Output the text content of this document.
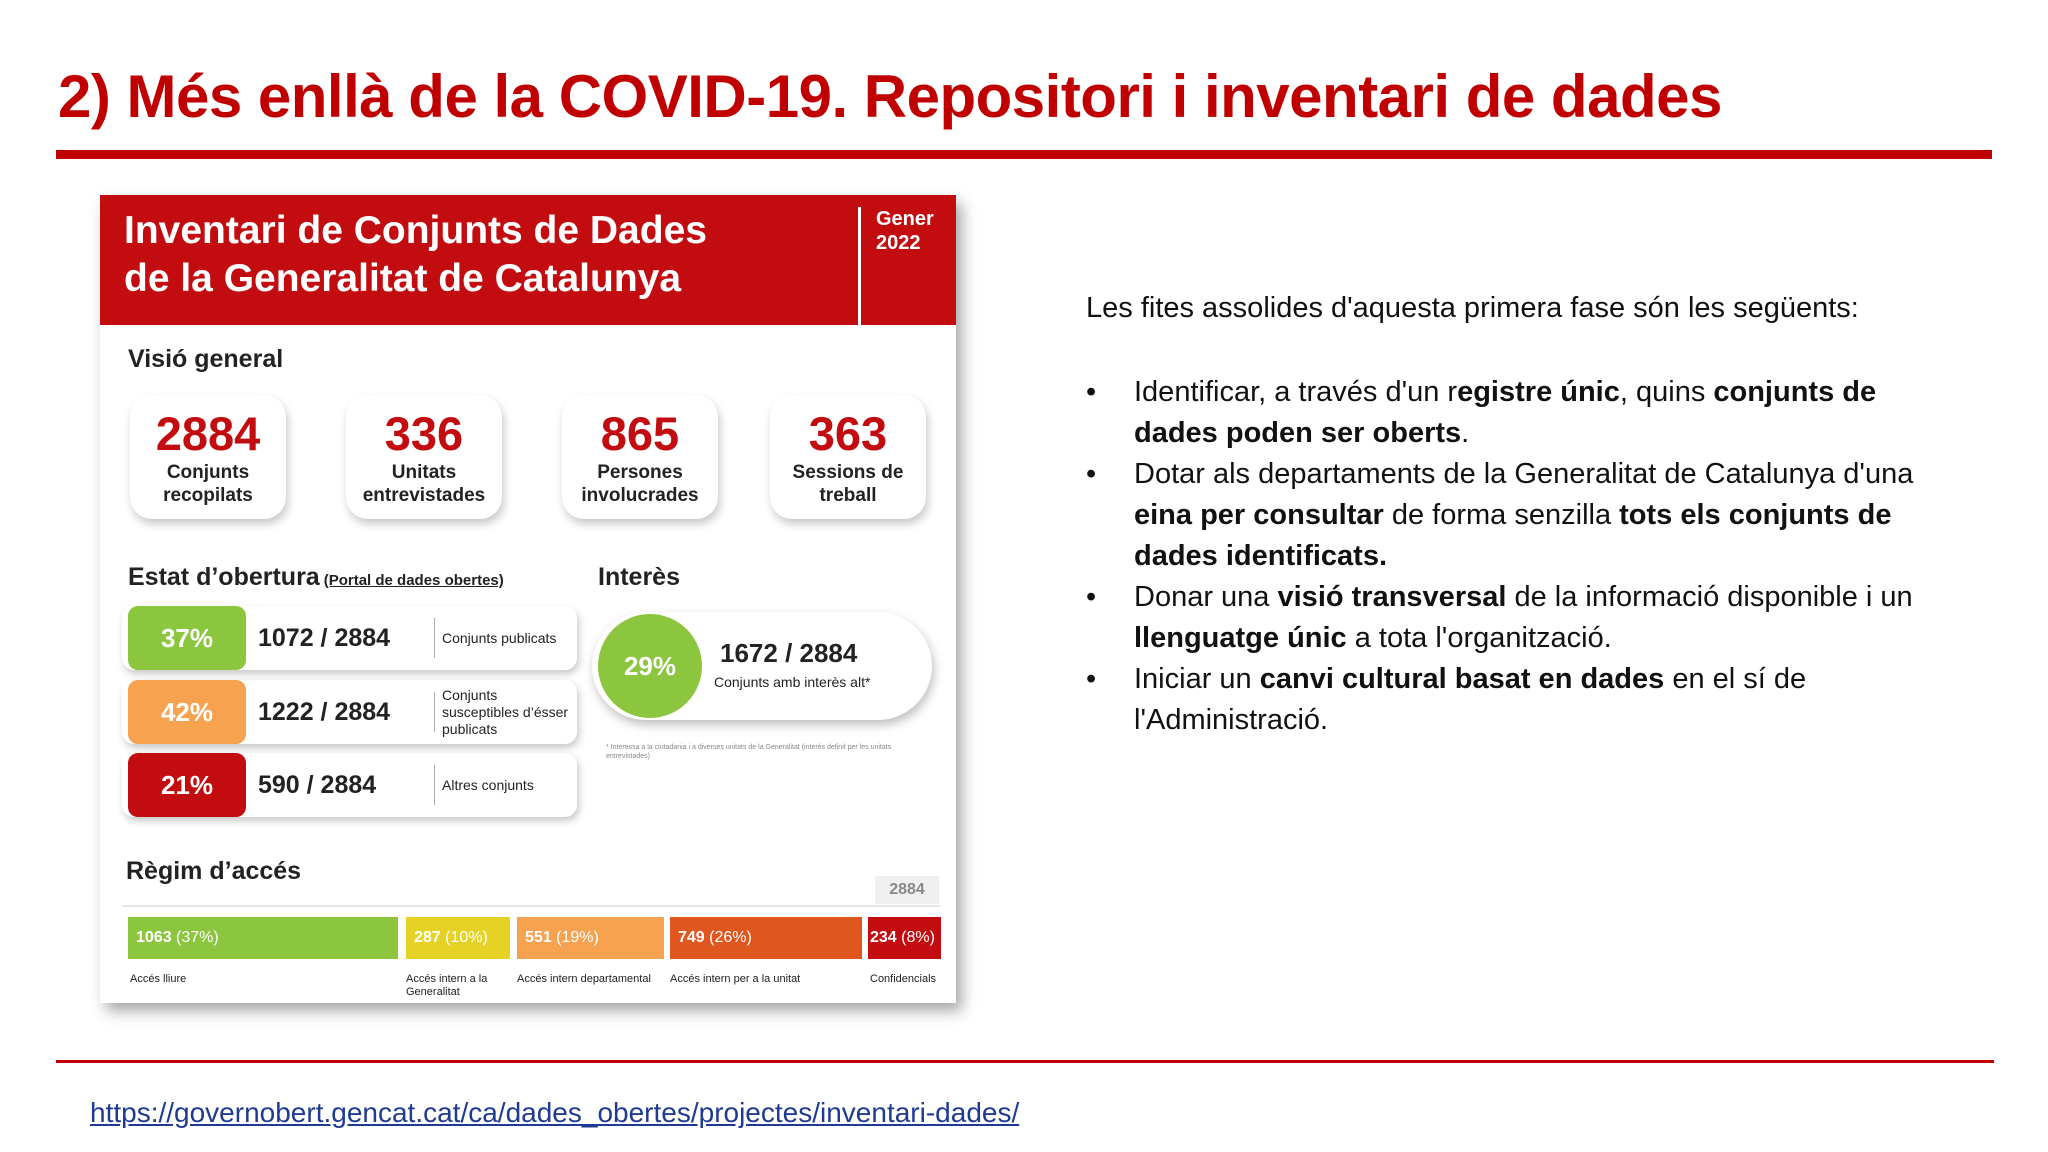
2) Més enllà de la COVID-19. Repositori i inventari de dades
Inventari de Conjunts de Dades
de la Generalitat de Catalunya
Gener
2022
Visió general
2884
Conjunts
recopilats
336
Unitats
entrevistades
865
Persones
involucrades
363
Sessions de
treball
Estat d’obertura (Portal de dades obertes)	Interès
37%	1072 / 2884	Conjunts publicats
42%	1222 / 2884
Conjunts susceptibles d’ésser publicats
21%	590 / 2884	Altres conjunts
29%	1672 / 2884
Conjunts amb interès alt*
* Interessa a la ciutadania i a diverses unitats de la Generalitat (interès definit per les unitats entrevistades)
Règim d’accés
2884
1063 (37%)	287 (10%)	551 (19%)	749 (26%)	234 (8%)
Accés lliure	Accés intern a la Generalitat
Accés intern departamental	Accés intern per a la unitat	Confidencials
Les fites assolides d'aquesta primera fase són les següents:
•	Identificar, a través d'un registre únic, quins conjunts de dades poden ser oberts.
•	Dotar als departaments de la Generalitat de Catalunya d'una eina per consultar de forma senzilla tots els conjunts de dades identificats.
•	Donar una visió transversal de la informació disponible i un llenguatge únic a tota l'organització.
•	Iniciar un canvi cultural basat en dades en el sí de l'Administració.
https://governobert.gencat.cat/ca/dades_obertes/projectes/inventari-dades/
